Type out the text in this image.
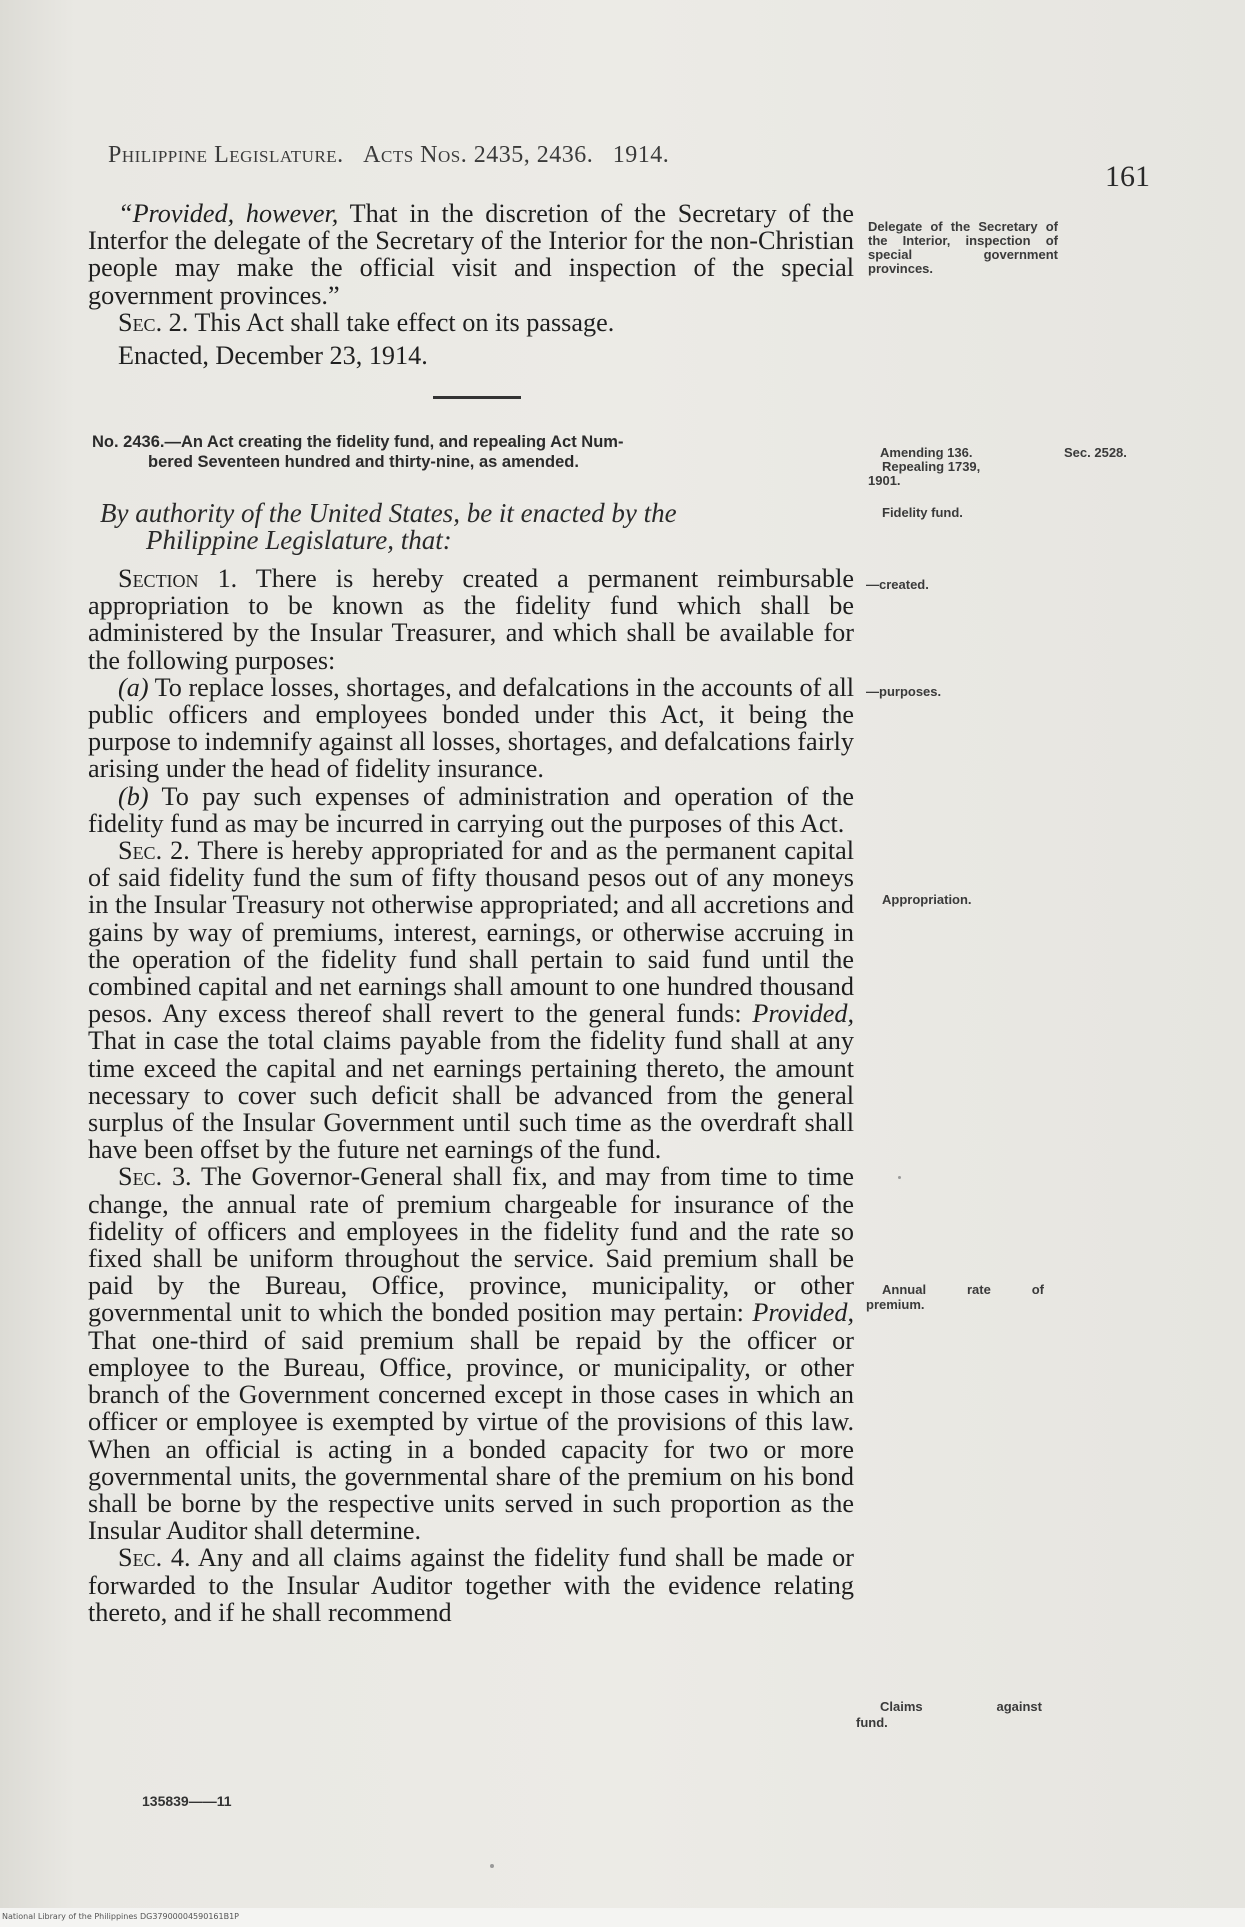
Philippine Legislature. Acts Nos. 2435, 2436. 1914.
161

“Provided, however, That in the discretion of the Secretary of the Interfor the delegate of the Secretary of the Interior for the non-Christian people may make the official visit and inspection of the special government provinces.”

Sec. 2. This Act shall take effect on its passage.

Enacted, December 23, 1914.

No. 2436.—An Act creating the fidelity fund, and repealing Act Num-
bered Seventeen hundred and thirty-nine, as amended.
By authority of the United States, be it enacted by the
Philippine Legislature, that:

Section 1. There is hereby created a permanent reimbursable appropriation to be known as the fidelity fund which shall be administered by the Insular Treasurer, and which shall be available for the following purposes:

(a) To replace losses, shortages, and defalcations in the accounts of all public officers and employees bonded under this Act, it being the purpose to indemnify against all losses, shortages, and defalcations fairly arising under the head of fidelity insurance.

(b) To pay such expenses of administration and operation of the fidelity fund as may be incurred in carrying out the purposes of this Act.

Sec. 2. There is hereby appropriated for and as the permanent capital of said fidelity fund the sum of fifty thousand pesos out of any moneys in the Insular Treasury not otherwise appropriated; and all accretions and gains by way of premiums, interest, earnings, or otherwise accruing in the operation of the fidelity fund shall pertain to said fund until the combined capital and net earnings shall amount to one hundred thousand pesos. Any excess thereof shall revert to the general funds: Provided, That in case the total claims payable from the fidelity fund shall at any time exceed the capital and net earnings pertaining thereto, the amount necessary to cover such deficit shall be advanced from the general surplus of the Insular Government until such time as the overdraft shall have been offset by the future net earnings of the fund.

Sec. 3. The Governor-General shall fix, and may from time to time change, the annual rate of premium chargeable for insurance of the fidelity of officers and employees in the fidelity fund and the rate so fixed shall be uniform throughout the service. Said premium shall be paid by the Bureau, Office, province, municipality, or other governmental unit to which the bonded position may pertain: Provided, That one-third of said premium shall be repaid by the officer or employee to the Bureau, Office, province, or municipality, or other branch of the Government concerned except in those cases in which an officer or employee is exempted by virtue of the provisions of this law. When an official is acting in a bonded capacity for two or more governmental units, the governmental share of the premium on his bond shall be borne by the respective units served in such proportion as the Insular Auditor shall determine.

Sec. 4. Any and all claims against the fidelity fund shall be made or forwarded to the Insular Auditor together with the evidence relating thereto, and if he shall recommend

Delegate of the Secretary of the Interior, inspection of special government provinces.
Amending 136.
Repealing 1739,
1901.
Sec. 2528.
Fidelity fund.
—created.
—purposes.
Appropriation.
Annual rate of
premium.
Claims against
fund.
135839——11
National Library of the Philippines DG37900004590161B1P
